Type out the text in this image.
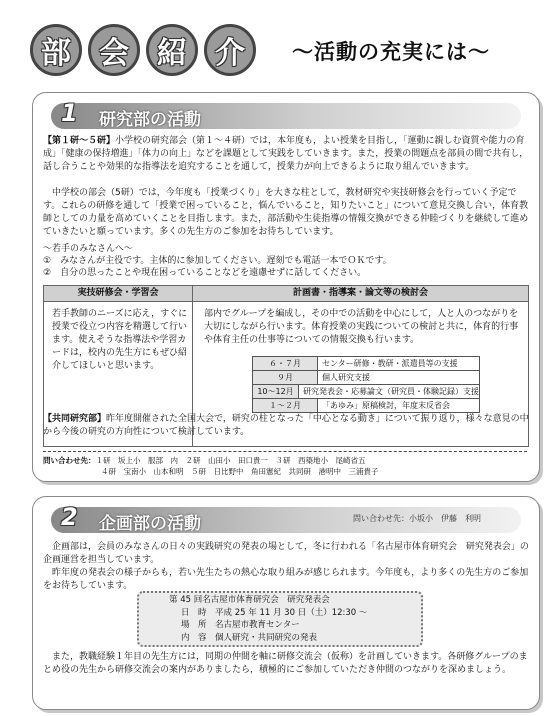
部 会 紹 介	～活動の充実には～
1 研究部の活動
【第１研～５研】小学校の研究部会（第１～４研）では，本年度も，よい授業を目指し，「運動に親しむ資質や能力の育成」「健康の保持増進」「体力の向上」などを課題として実践をしていきます。また，授業の問題点を部員の間で共有し，話し合うことや効果的な指導法を追究することを通して，授業力が向上できるように取り組んでいきます。
中学校の部会（5研）では，今年度も「授業づくり」を大きな柱として，教材研究や実技研修会を行っていく予定です。これらの研修を通して「授業で困っていること，悩んでいること，知りたいこと」について意見交換し合い，体育教師としての力量を高めていくことを目指します。また，部活動や生徒指導の情報交換ができる仲睦づくりを継続して進めていきたいと願っています。多くの先生方のご参加をお待ちしています。
～若手のみなさんへ～
①　みなさんが主役です。主体的に参加してください。遅刻でも電話一本でＯＫです。
②　自分の思ったことや現在困っていることなどを遠慮せずに話してください。
実技研修会・学習会	計画書・指導案・論文等の検討会
若手教師のニーズに応え，すぐに授業で役立つ内容を精選して行います。使えそうな指導法や学習カードは，校内の先生方にもぜひ紹介してほしいと思います。
部内でグループを編成し，その中での活動を中心にして，人と人のつながりを大切にしながら行います。体育授業の実践についての検討と共に，体育的行事や体育主任の仕事等についての情報交換も行います。
６・７月	センター研修・教研・派遣員等の支援
９月	個人研究支援
10～12月	研究発表会・応募論文（研究員・体験記録）支援
１～２月	「あゆみ」原稿検討，年度末反省会
【共同研究部】昨年度開催された全国大会で，研究の柱となった「中心となる動き」について振り返り，様々な意見の中から今後の研究の方向性について検討しています。
問い合わせ先：１研　坂上小　服部　内　２研　山田小　田口貴一　３研　西築地小　尾崎省五
４研　宝南小　山本和明　５研　日比野中　角田憲紀　共同研　港明中　三浦貴子
2 企画部の活動	問い合わせ先：小坂小　伊藤　利明
企画部は，会員のみなさんの日々の実践研究の発表の場として，冬に行われる「名古屋市体育研究会　研究発表会」の企画運営を担当しています。
昨年度の発表会の様子からも，若い先生たちの熱心な取り組みが感じられます。今年度も，より多くの先生方のご参加をお待ちしています。
第 45 回名古屋市体育研究会　研究発表会
日　時　 平成 25 年 11 月 30 日（土）12:30 ～
場　所　 名古屋市教育センター
内　容　 個人研究・共同研究の発表
また，教職経験１年目の先生方には，同期の仲間を軸に研修交流会（仮称）を計画していきます。各研修グループのまとめ役の先生から研修交流会の案内がありましたら，積極的にご参加していただき仲間のつながりを深めましょう。
